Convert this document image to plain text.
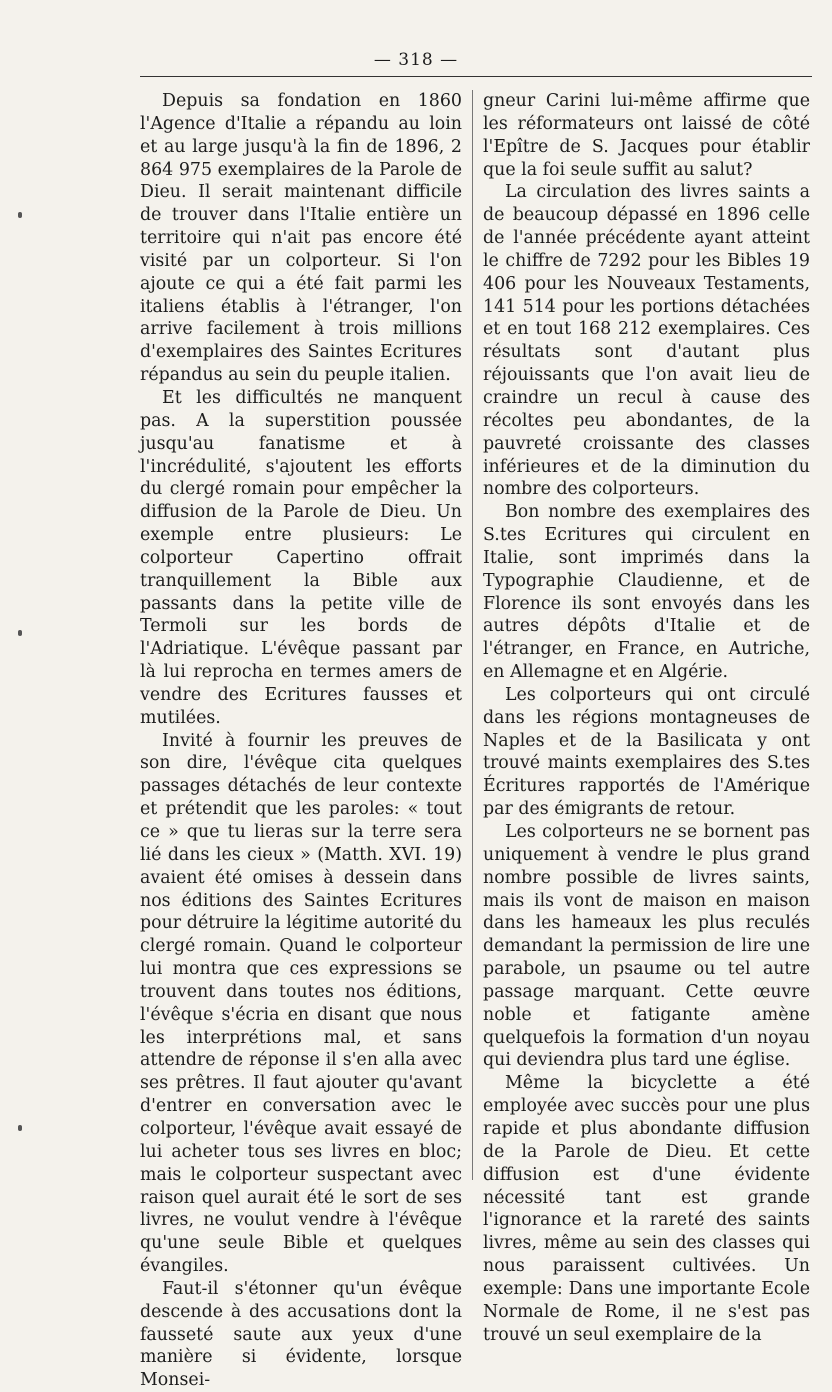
— 318 —

Depuis sa fondation en 1860 l'Agence d'Italie a répandu au loin et au large jusqu'à la fin de 1896, 2 864 975 exemplaires de la Parole de Dieu. Il serait maintenant difficile de trouver dans l'Italie entière un territoire qui n'ait pas encore été visité par un colporteur. Si l'on ajoute ce qui a été fait parmi les italiens établis à l'étranger, l'on arrive facilement à trois millions d'exemplaires des Saintes Ecritures répandus au sein du peuple italien.

Et les difficultés ne manquent pas. A la superstition poussée jusqu'au fanatisme et à l'incrédulité, s'ajoutent les efforts du clergé romain pour empêcher la diffusion de la Parole de Dieu. Un exemple entre plusieurs: Le colporteur Capertino offrait tranquillement la Bible aux passants dans la petite ville de Termoli sur les bords de l'Adriatique. L'évêque passant par là lui reprocha en termes amers de vendre des Ecritures fausses et mutilées.

Invité à fournir les preuves de son dire, l'évêque cita quelques passages détachés de leur contexte et prétendit que les paroles: « tout ce » que tu lieras sur la terre sera lié dans les cieux » (Matth. XVI. 19) avaient été omises à dessein dans nos éditions des Saintes Ecritures pour détruire la légitime autorité du clergé romain. Quand le colporteur lui montra que ces expressions se trouvent dans toutes nos éditions, l'évêque s'écria en disant que nous les interprétions mal, et sans attendre de réponse il s'en alla avec ses prêtres. Il faut ajouter qu'avant d'entrer en conversation avec le colporteur, l'évêque avait essayé de lui acheter tous ses livres en bloc; mais le colporteur suspectant avec raison quel aurait été le sort de ses livres, ne voulut vendre à l'évêque qu'une seule Bible et quelques évangiles.

Faut-il s'étonner qu'un évêque descende à des accusations dont la fausseté saute aux yeux d'une manière si évidente, lorsque Monsei-

gneur Carini lui-même affirme que les réformateurs ont laissé de côté l'Epître de S. Jacques pour établir que la foi seule suffit au salut?

La circulation des livres saints a de beaucoup dépassé en 1896 celle de l'année précédente ayant atteint le chiffre de 7292 pour les Bibles 19 406 pour les Nouveaux Testaments, 141 514 pour les portions détachées et en tout 168 212 exemplaires. Ces résultats sont d'autant plus réjouissants que l'on avait lieu de craindre un recul à cause des récoltes peu abondantes, de la pauvreté croissante des classes inférieures et de la diminution du nombre des colporteurs.

Bon nombre des exemplaires des S.tes Ecritures qui circulent en Italie, sont imprimés dans la Typographie Claudienne, et de Florence ils sont envoyés dans les autres dépôts d'Italie et de l'étranger, en France, en Autriche, en Allemagne et en Algérie.

Les colporteurs qui ont circulé dans les régions montagneuses de Naples et de la Basilicata y ont trouvé maints exemplaires des S.tes Écritures rapportés de l'Amérique par des émigrants de retour.

Les colporteurs ne se bornent pas uniquement à vendre le plus grand nombre possible de livres saints, mais ils vont de maison en maison dans les hameaux les plus reculés demandant la permission de lire une parabole, un psaume ou tel autre passage marquant. Cette œuvre noble et fatigante amène quelquefois la formation d'un noyau qui deviendra plus tard une église.

Même la bicyclette a été employée avec succès pour une plus rapide et plus abondante diffusion de la Parole de Dieu. Et cette diffusion est d'une évidente nécessité tant est grande l'ignorance et la rareté des saints livres, même au sein des classes qui nous paraissent cultivées. Un exemple: Dans une importante Ecole Normale de Rome, il ne s'est pas trouvé un seul exemplaire de la
